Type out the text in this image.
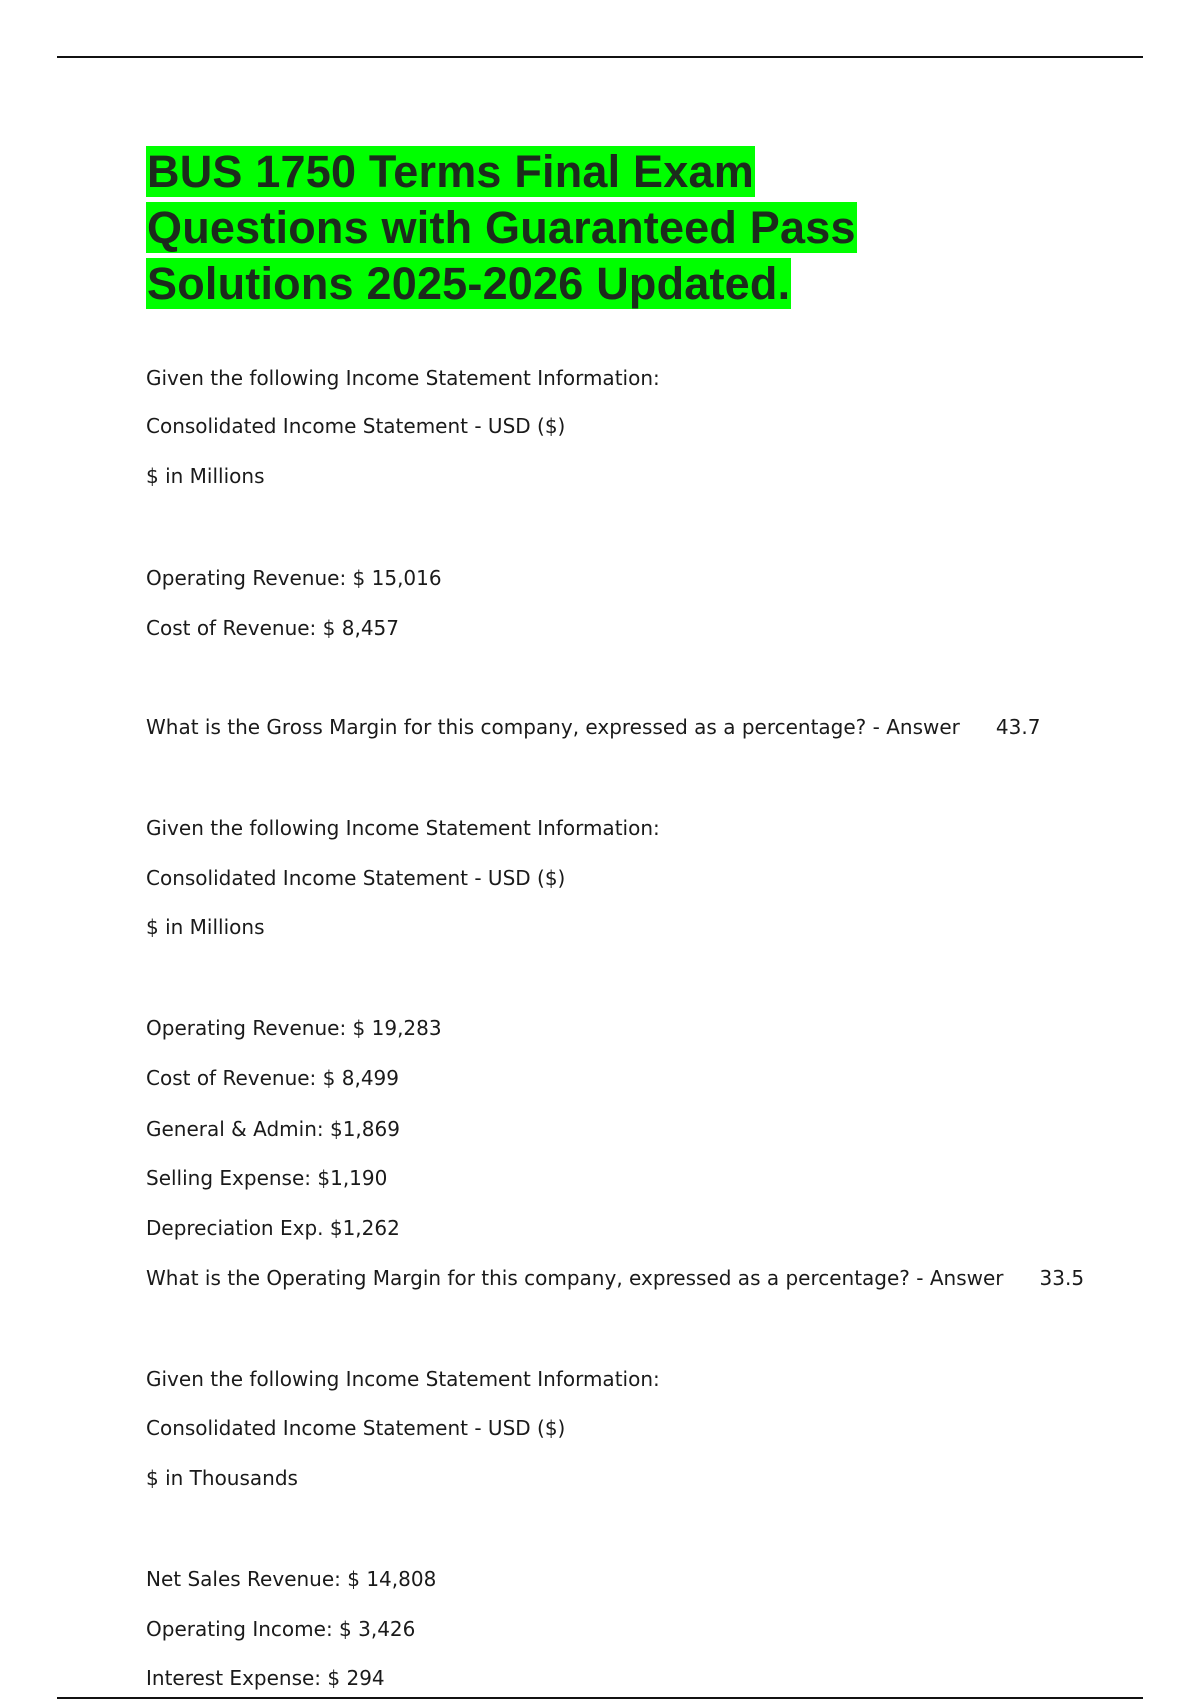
BUS 1750 Terms Final Exam
Questions with Guaranteed Pass
Solutions 2025-2026 Updated.

Given the following Income Statement Information:

Consolidated Income Statement - USD ($)

$ in Millions

Operating Revenue: $ 15,016

Cost of Revenue: $ 8,457

What is the Gross Margin for this company, expressed as a percentage? - Answer 43.7

Given the following Income Statement Information:

Consolidated Income Statement - USD ($)

$ in Millions

Operating Revenue: $ 19,283

Cost of Revenue: $ 8,499

General & Admin: $1,869

Selling Expense: $1,190

Depreciation Exp. $1,262

What is the Operating Margin for this company, expressed as a percentage? - Answer 33.5

Given the following Income Statement Information:

Consolidated Income Statement - USD ($)

$ in Thousands

Net Sales Revenue: $ 14,808

Operating Income: $ 3,426

Interest Expense: $ 294
